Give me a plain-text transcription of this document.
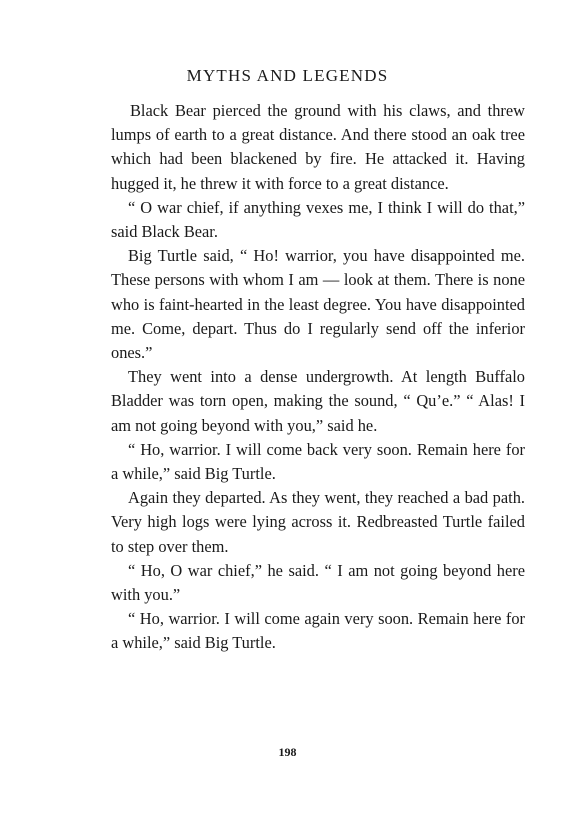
MYTHS AND LEGENDS

Black Bear pierced the ground with his claws, and threw lumps of earth to a great distance. And there stood an oak tree which had been blackened by fire. He attacked it. Having hugged it, he threw it with force to a great distance.

“ O war chief, if anything vexes me, I think I will do that,” said Black Bear.

Big Turtle said, “ Ho! warrior, you have disappointed me. These persons with whom I am — look at them. There is none who is faint-hearted in the least degree. You have disappointed me. Come, depart. Thus do I regularly send off the inferior ones.”

They went into a dense undergrowth. At length Buffalo Bladder was torn open, making the sound, “ Qu’e.” “ Alas! I am not going beyond with you,” said he.

“ Ho, warrior. I will come back very soon. Remain here for a while,” said Big Turtle.

Again they departed. As they went, they reached a bad path. Very high logs were lying across it. Redbreasted Turtle failed to step over them.

“ Ho, O war chief,” he said. “ I am not going beyond here with you.”

“ Ho, warrior. I will come again very soon. Remain here for a while,” said Big Turtle.

198
